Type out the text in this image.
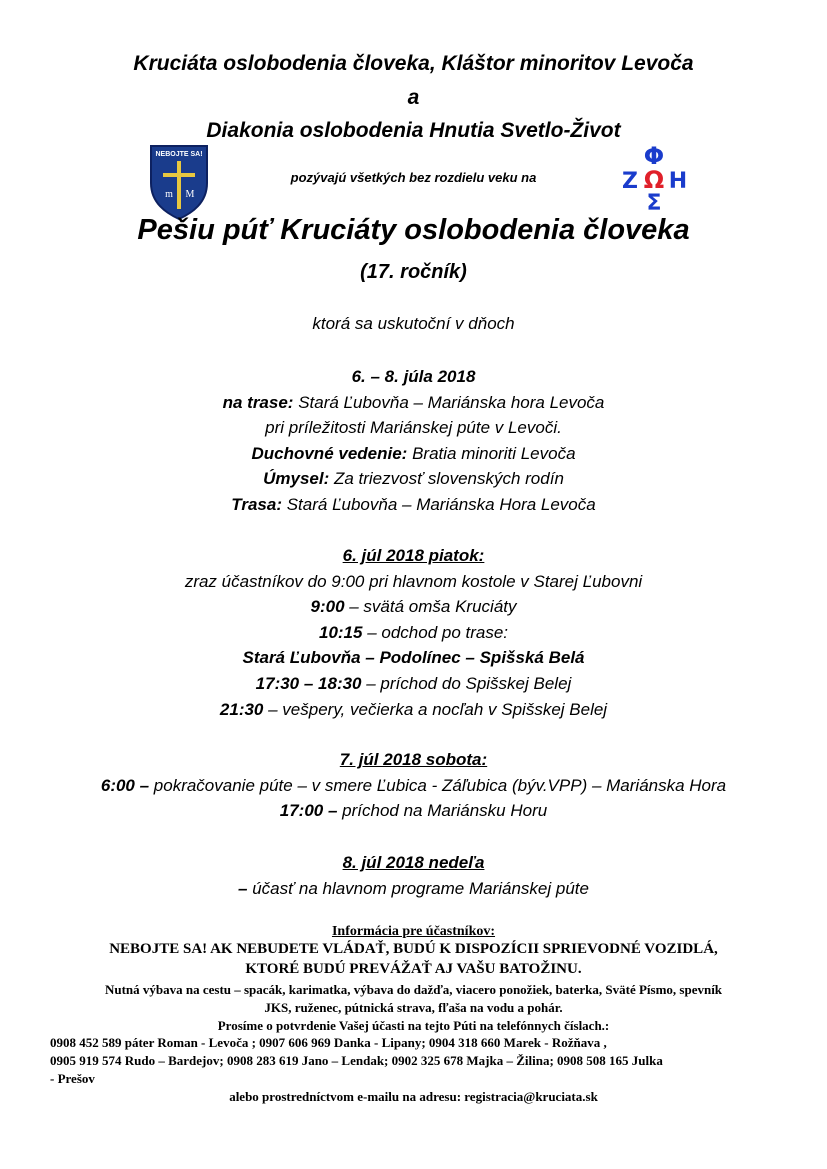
Kruciáta oslobodenia človeka, Kláštor minoritov Levoča
a
Diakonia oslobodenia Hnutia Svetlo-Život
NEBOJTE SA!
m M
pozývajú všetkých bez rozdielu veku na
Φ
Z Ω Η
Σ
Pešiu púť Kruciáty oslobodenia človeka
(17. ročník)
ktorá sa uskutoční v dňoch
6. – 8. júla 2018
na trase: Stará Ľubovňa – Mariánska hora Levoča
pri príležitosti Mariánskej púte v Levoči.
Duchovné vedenie: Bratia minoriti Levoča
Úmysel: Za triezvosť slovenských rodín
Trasa: Stará Ľubovňa – Mariánska Hora Levoča
6. júl 2018 piatok:
zraz účastníkov do 9:00 pri hlavnom kostole v Starej Ľubovni
9:00 – svätá omša Kruciáty
10:15 – odchod po trase:
Stará Ľubovňa – Podolínec – Spišská Belá
17:30 – 18:30 – príchod do Spišskej Belej
21:30 – vešpery, večierka a nocľah v Spišskej Belej
7. júl 2018 sobota:
6:00 – pokračovanie púte – v smere Ľubica - Záľubica (býv.VPP) – Mariánska Hora
17:00 – príchod na Mariánsku Horu
8. júl 2018 nedeľa
– účasť na hlavnom programe Mariánskej púte
Informácia pre účastníkov:
NEBOJTE SA! AK NEBUDETE VLÁDAŤ, BUDÚ K DISPOZÍCII SPRIEVODNÉ VOZIDLÁ,
KTORÉ BUDÚ PREVÁŽAŤ AJ VAŠU BATOŽINU.
Nutná výbava na cestu – spacák, karimatka, výbava do dažďa, viacero ponožiek, baterka, Sväté Písmo, spevník
JKS, ruženec, pútnická strava, fľaša na vodu a pohár.
Prosíme o potvrdenie Vašej účasti na tejto Púti na telefónnych číslach.:
0908 452 589 páter Roman - Levoča ; 0907 606 969 Danka - Lipany; 0904 318 660 Marek - Rožňava ,
0905 919 574 Rudo – Bardejov; 0908 283 619 Jano – Lendak; 0902 325 678 Majka – Žilina; 0908 508 165 Julka
- Prešov
alebo prostredníctvom e-mailu na adresu: registracia@kruciata.sk
